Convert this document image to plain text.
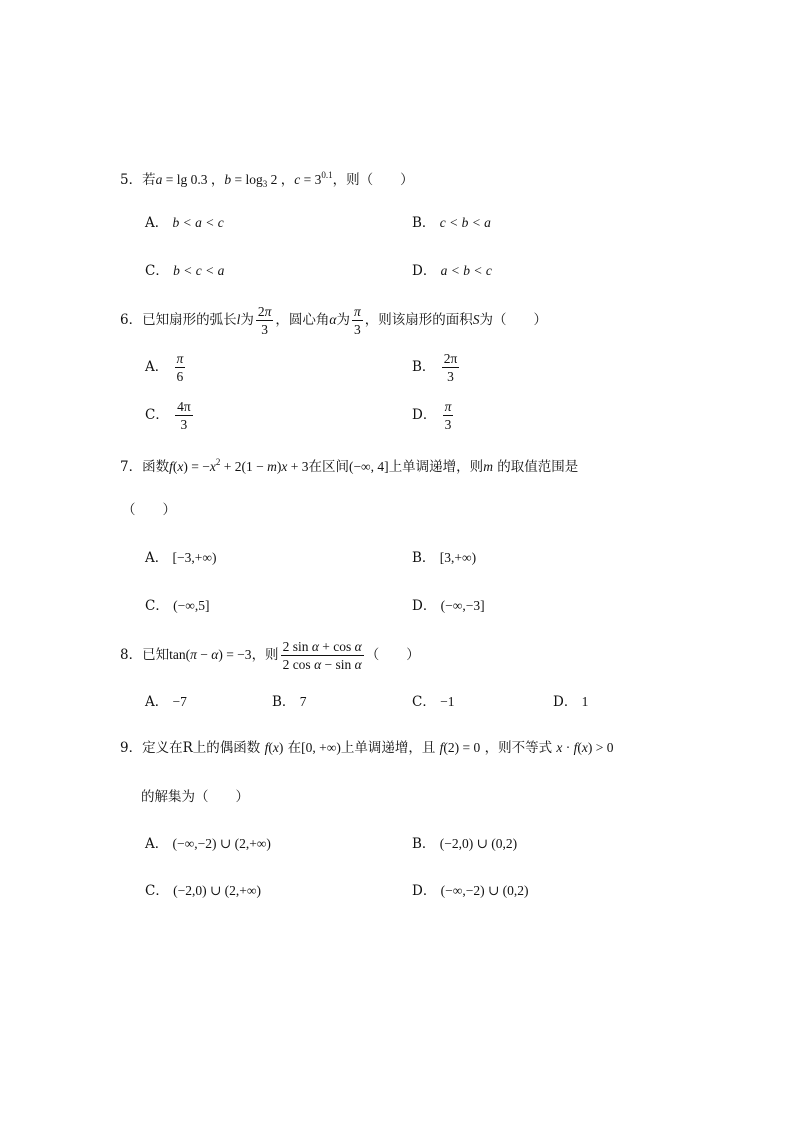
5．若a = lg 0.3 ，$b = \log_3 2$ ，$c = 3^{0.1}$，则（　　）
A． b < a < c	B． c < b < a
C． b < c < a	D． a < b < c
6．已知扇形的弧长l为 $\frac{2\pi}{3}$ ，圆心角α为 $\frac{\pi}{3}$ ，则该扇形的面积S为（　　）
A． $\frac{\pi}{6}$	B． $\frac{2\pi}{3}$
C． $\frac{4\pi}{3}$	D． $\frac{\pi}{3}$
7．函数$f(x) = -x^2 + 2(1 - m)x + 3$在区间(−∞, 4]上单调递增，则m 的取值范围是
（　　）
A． [−3,+∞)	B． [3,+∞)
C． (−∞,5]	D． (−∞,−3]
8．已知tan(π − α) = −3，则 $\frac{\text{2 sin α + cos α}}{\text{2 cos α − sin α}}$ （　　）
A． −7	B． 7	C． −1	D． 1
9．定义在R上的偶函数 f(x) 在[0, +∞)上单调递增，且 f(2) = 0 ，则不等式 x · f(x) > 0
的解集为（　　）
A． (−∞,−2) ∪ (2,+∞)	B． (−2,0) ∪ (0,2)
C． (−2,0) ∪ (2,+∞)	D． (−∞,−2) ∪ (0,2)
